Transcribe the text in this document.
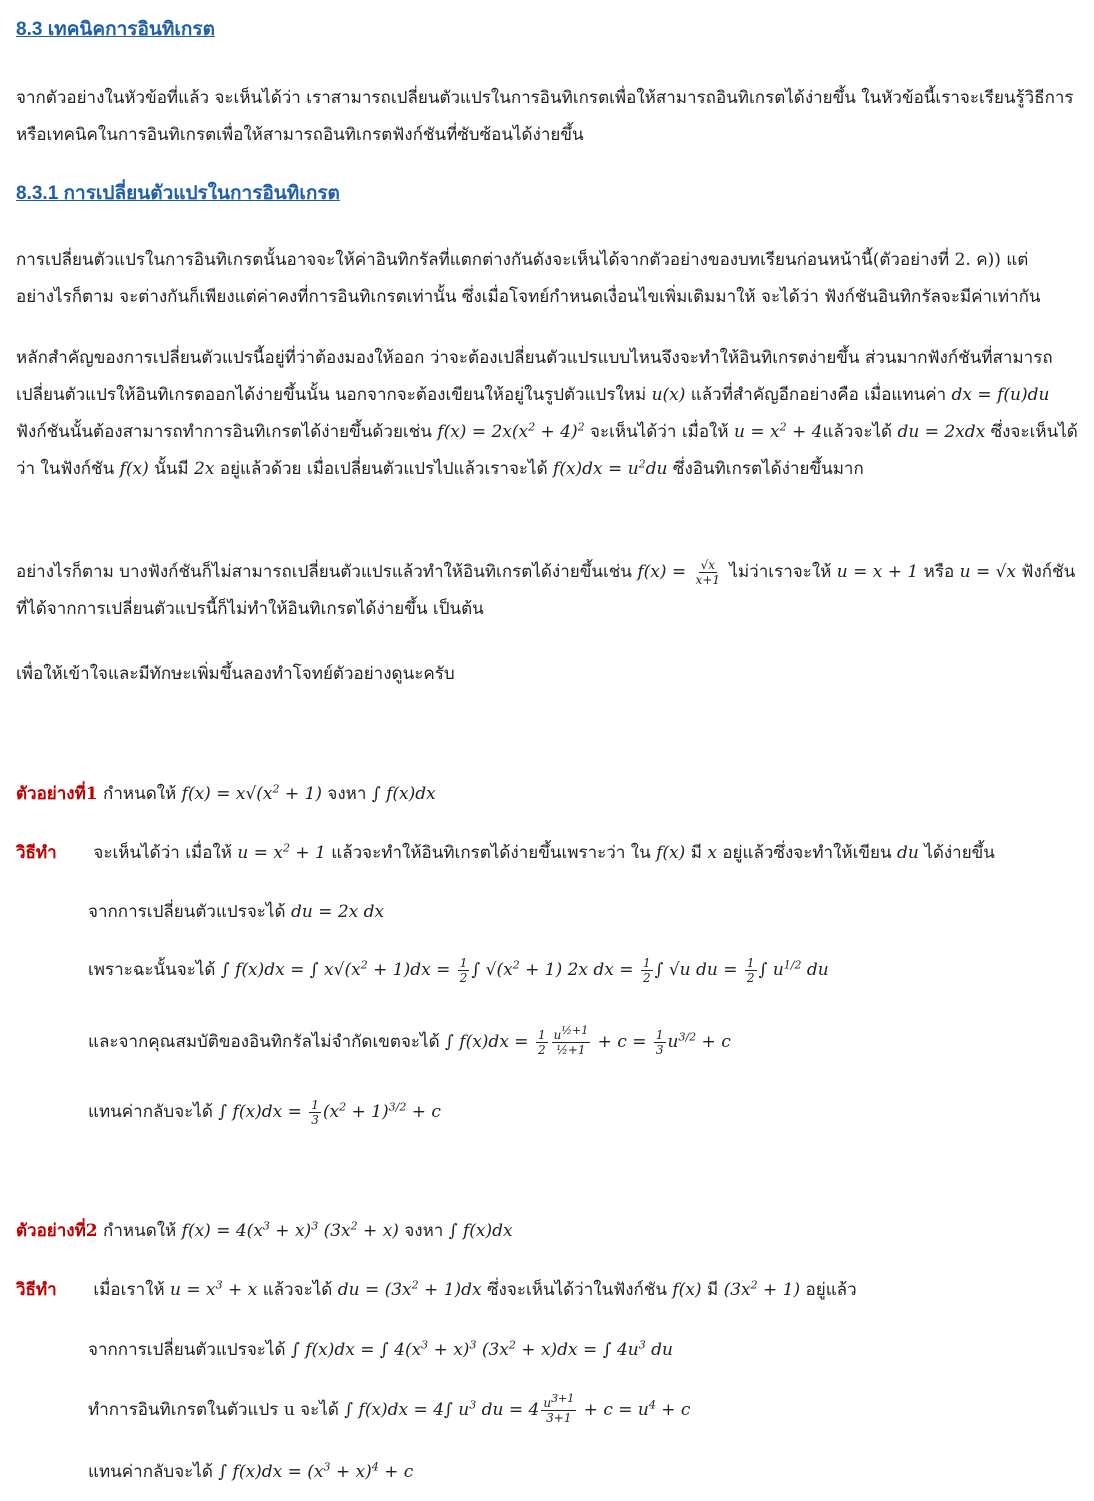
8.3 เทคนิคการอินทิเกรต

จากตัวอย่างในหัวข้อที่แล้ว จะเห็นได้ว่า เราสามารถเปลี่ยนตัวแปรในการอินทิเกรตเพื่อให้สามารถอินทิเกรตได้ง่ายขึ้น ในหัวข้อนี้เราจะเรียนรู้วิธีการหรือเทคนิคในการอินทิเกรตเพื่อให้สามารถอินทิเกรตฟังก์ชันที่ซับซ้อนได้ง่ายขึ้น

8.3.1 การเปลี่ยนตัวแปรในการอินทิเกรต

การเปลี่ยนตัวแปรในการอินทิเกรตนั้นอาจจะให้ค่าอินทิกรัลที่แตกต่างกันดังจะเห็นได้จากตัวอย่างของบทเรียนก่อนหน้านี้(ตัวอย่างที่ 2. ค)) แต่อย่างไรก็ตาม จะต่างกันก็เพียงแต่ค่าคงที่การอินทิเกรตเท่านั้น ซึ่งเมื่อโจทย์กำหนดเงื่อนไขเพิ่มเติมมาให้ จะได้ว่า ฟังก์ชันอินทิกรัลจะมีค่าเท่ากัน

หลักสำคัญของการเปลี่ยนตัวแปรนี้อยู่ที่ว่าต้องมองให้ออก ว่าจะต้องเปลี่ยนตัวแปรแบบไหนจึงจะทำให้อินทิเกรตง่ายขึ้น ส่วนมากฟังก์ชันที่สามารถเปลี่ยนตัวแปรให้อินทิเกรตออกได้ง่ายขึ้นนั้น นอกจากจะต้องเขียนให้อยู่ในรูปตัวแปรใหม่ u(x) แล้วที่สำคัญอีกอย่างคือ เมื่อแทนค่า dx = f(u)du ฟังก์ชันนั้นต้องสามารถทำการอินทิเกรตได้ง่ายขึ้นด้วยเช่น $f(x) = 2x(x^2 + 4)^2$ จะเห็นได้ว่า เมื่อให้ $u = x^2 + 4$แล้วจะได้ du = 2xdx ซึ่งจะเห็นได้ว่า ในฟังก์ชัน f(x) นั้นมี 2x อยู่แล้วด้วย เมื่อเปลี่ยนตัวแปรไปแล้วเราจะได้ $f(x)dx = u^2du$ ซึ่งอินทิเกรตได้ง่ายขึ้นมาก

อย่างไรก็ตาม บางฟังก์ชันก็ไม่สามารถเปลี่ยนตัวแปรแล้วทำให้อินทิเกรตได้ง่ายขึ้นเช่น $f(x) = \frac{√x}{x+1}$ ไม่ว่าเราจะให้ u = x + 1 หรือ u = √x ฟังก์ชันที่ได้จากการเปลี่ยนตัวแปรนี้ก็ไม่ทำให้อินทิเกรตได้ง่ายขึ้น เป็นต้น

เพื่อให้เข้าใจและมีทักษะเพิ่มขึ้นลองทำโจทย์ตัวอย่างดูนะครับ

ตัวอย่างที่1 กำหนดให้ $f(x) = x√(x^2 + 1)$ จงหา ∫ f(x)dx

วิธีทำ จะเห็นได้ว่า เมื่อให้ $u = x^2 + 1$ แล้วจะทำให้อินทิเกรตได้ง่ายขึ้นเพราะว่า ใน f(x) มี x อยู่แล้วซึ่งจะทำให้เขียน du ได้ง่ายขึ้น

จากการเปลี่ยนตัวแปรจะได้ du = 2x dx

เพราะฉะนั้นจะได้ ∫ f(x)dx = ∫ $x√(x^2 + 1)dx = \frac{1}{2}$ ∫ $√(x^2 + 1)$ 2x dx = $\frac{1}{2}$ ∫ √u du = $\frac{1}{2}$ ∫ $u^{1/2}$ du

และจากคุณสมบัติของอินทิกรัลไม่จำกัดเขตจะได้ ∫ $f(x)dx = \frac{1}{2} \frac{u^{\frac{1}{2}+1}}{\text{½+1}} + c = \frac{1}{3} u^{3/2} + c$

แทนค่ากลับจะได้ ∫ $f(x)dx = \frac{1}{3} (x^2 + 1)^{3/2} + c$

ตัวอย่างที่2 กำหนดให้ $f(x) = 4(x^3 + x)^3$ $(3x^2 + x)$ จงหา ∫ f(x)dx

วิธีทำ เมื่อเราให้ $u = x^3 + x$ แล้วจะได้ du = $(3x^2 + 1)dx$ ซึ่งจะเห็นได้ว่าในฟังก์ชัน f(x) มี $(3x^2 + 1)$ อยู่แล้ว

จากการเปลี่ยนตัวแปรจะได้ ∫ f(x)dx = ∫ $4(x^3 + x)^3$ $(3x^2 + x)dx$ = ∫ $4u^3$ du

ทำการอินทิเกรตในตัวแปร u จะได้ ∫ f(x)dx = 4∫ $u^3$ du = $4 \frac{u^{3+1}}{3+1} + c = u^4 + c$

แทนค่ากลับจะได้ ∫ $f(x)dx = (x^3 + x)^4 + c$
